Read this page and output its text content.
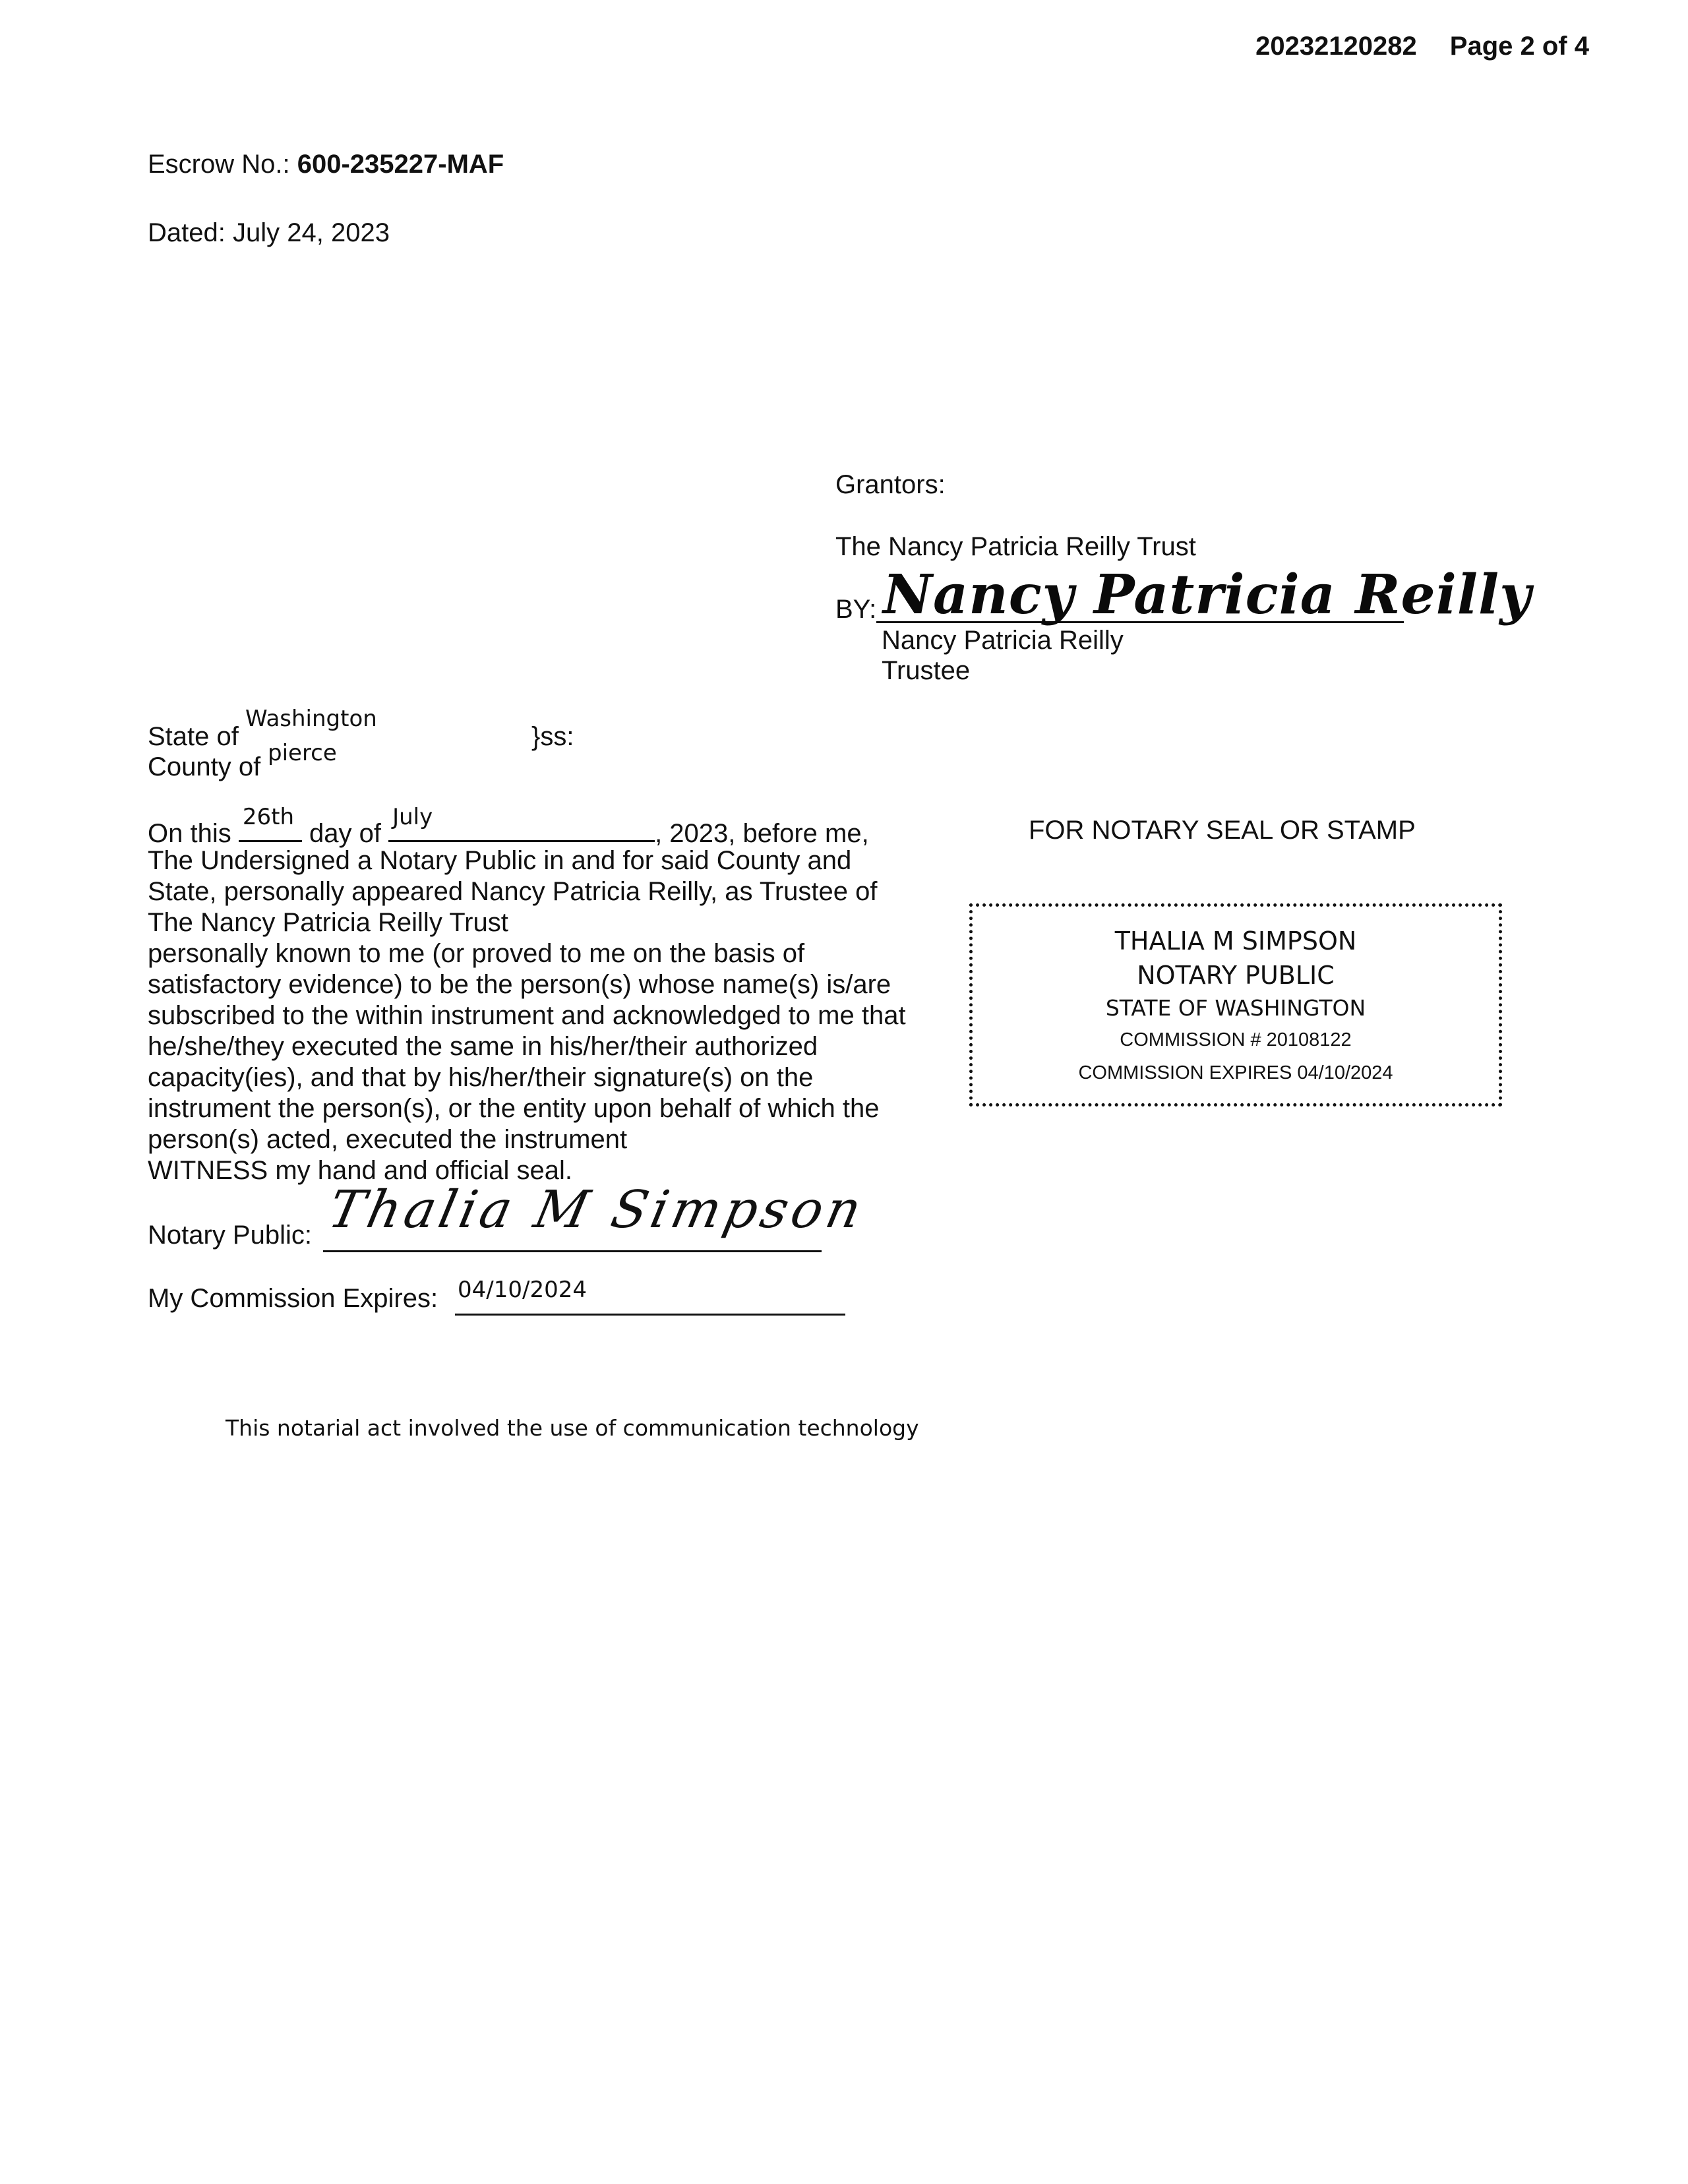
20232120282 Page 2 of 4
Escrow No.: 600-235227-MAF
Dated: July 24, 2023
Grantors:
The Nancy Patricia Reilly Trust
BY: Nancy Patricia Reilly
Nancy Patricia Reilly
Trustee
State of
Washington
County of pierce
}ss:
On this
26th
day of
July
, 2023, before me,
The Undersigned a Notary Public in and for said County and
State, personally appeared Nancy Patricia Reilly, as Trustee of
The Nancy Patricia Reilly Trust
personally known to me (or proved to me on the basis of
satisfactory evidence) to be the person(s) whose name(s) is/are
subscribed to the within instrument and acknowledged to me that
he/she/they executed the same in his/her/their authorized
capacity(ies), and that by his/her/their signature(s) on the
instrument the person(s), or the entity upon behalf of which the
person(s) acted, executed the instrument
WITNESS my hand and official seal.
Notary Public: Thalia M Simpson
My Commission Expires: 04/10/2024
This notarial act involved the use of communication technology
FOR NOTARY SEAL OR STAMP
THALIA M SIMPSON
NOTARY PUBLIC
STATE OF WASHINGTON
COMMISSION # 20108122
COMMISSION EXPIRES 04/10/2024
